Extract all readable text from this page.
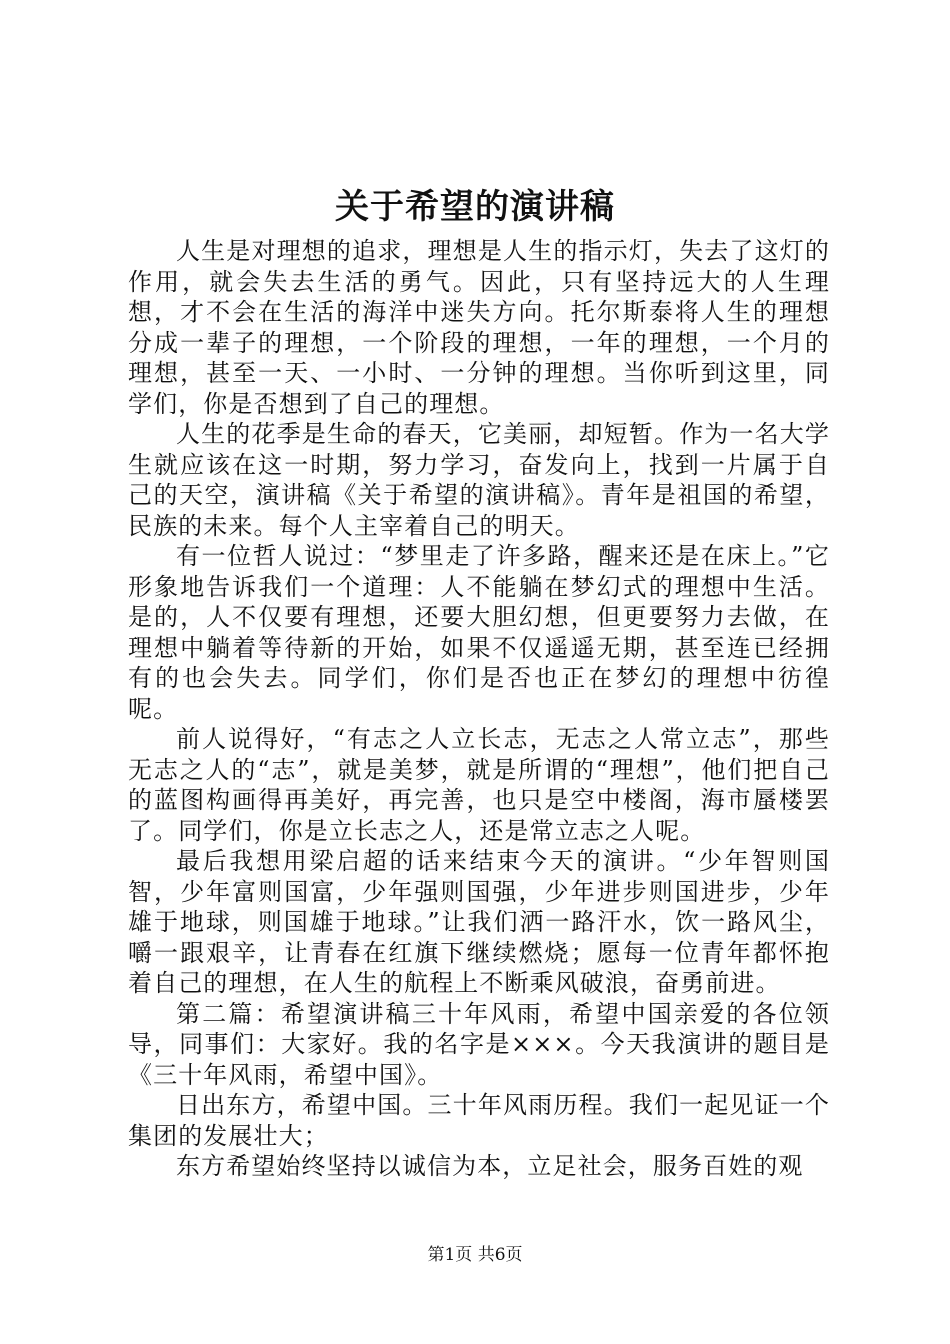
关于希望的演讲稿

人生是对理想的追求，理想是人生的指示灯，失去了这灯的作用，就会失去生活的勇气。因此，只有坚持远大的人生理想，才不会在生活的海洋中迷失方向。托尔斯泰将人生的理想分成一辈子的理想，一个阶段的理想，一年的理想，一个月的理想，甚至一天、一小时、一分钟的理想。当你听到这里，同学们，你是否想到了自己的理想。

人生的花季是生命的春天，它美丽，却短暂。作为一名大学生就应该在这一时期，努力学习，奋发向上，找到一片属于自己的天空，演讲稿《关于希望的演讲稿》。青年是祖国的希望，民族的未来。每个人主宰着自己的明天。

有一位哲人说过：“梦里走了许多路，醒来还是在床上。”它形象地告诉我们一个道理：人不能躺在梦幻式的理想中生活。是的，人不仅要有理想，还要大胆幻想，但更要努力去做，在理想中躺着等待新的开始，如果不仅遥遥无期，甚至连已经拥有的也会失去。同学们，你们是否也正在梦幻的理想中彷徨呢。

前人说得好，“有志之人立长志，无志之人常立志”，那些无志之人的“志”，就是美梦，就是所谓的“理想”，他们把自己的蓝图构画得再美好，再完善，也只是空中楼阁，海市蜃楼罢了。同学们，你是立长志之人，还是常立志之人呢。

最后我想用梁启超的话来结束今天的演讲。“少年智则国智，少年富则国富，少年强则国强，少年进步则国进步，少年雄于地球，则国雄于地球。”让我们洒一路汗水，饮一路风尘，嚼一跟艰辛，让青春在红旗下继续燃烧；愿每一位青年都怀抱着自己的理想，在人生的航程上不断乘风破浪，奋勇前进。

第二篇：希望演讲稿三十年风雨，希望中国亲爱的各位领导，同事们：大家好。我的名字是×××。今天我演讲的题目是《三十年风雨，希望中国》。

日出东方，希望中国。三十年风雨历程。我们一起见证一个集团的发展壮大；

东方希望始终坚持以诚信为本，立足社会，服务百姓的观

第1页 共6页
